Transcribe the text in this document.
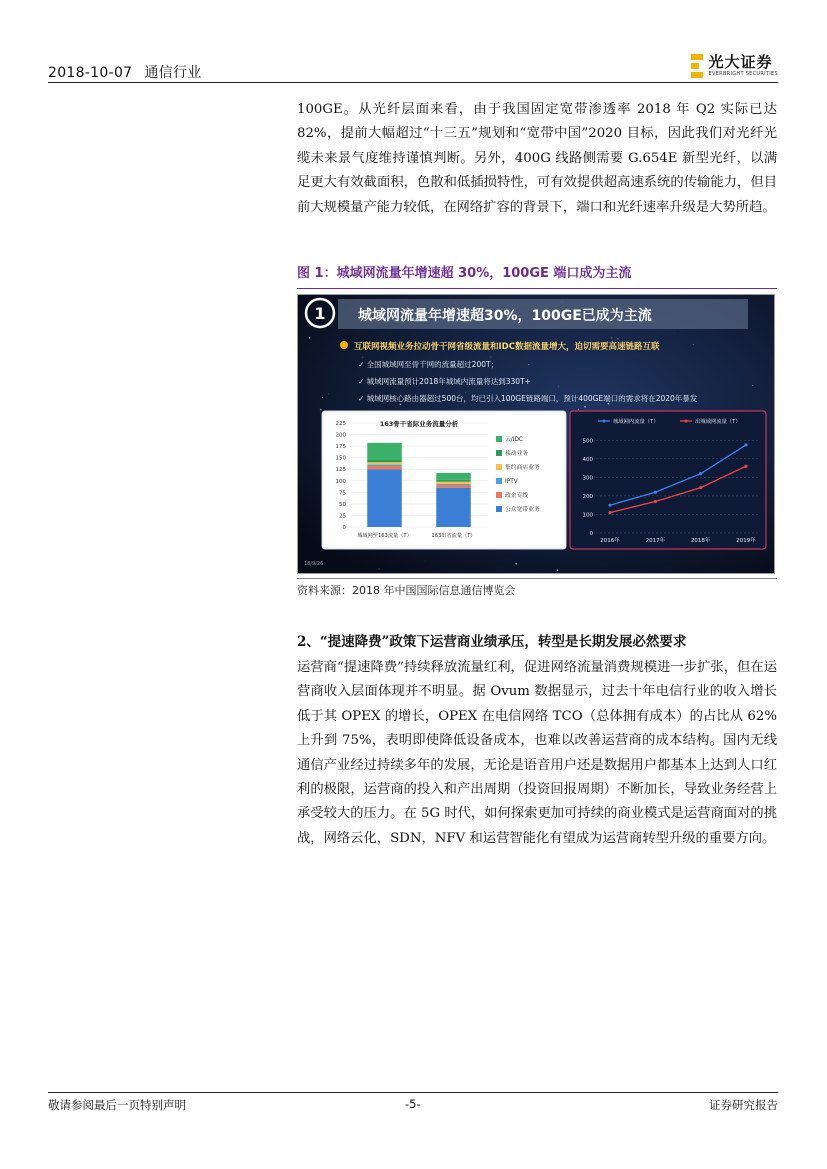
2018-10-07 通信行业
光大证券
EVERBRIGHT SECURITIES
100GE。从光纤层面来看，由于我国固定宽带渗透率 2018 年 Q2 实际已达 82%，提前大幅超过“十三五”规划和“宽带中国”2020 目标，因此我们对光纤光缆未来景气度维持谨慎判断。另外，400G 线路侧需要 G.654E 新型光纤，以满足更大有效截面积，色散和低插损特性，可有效提供超高速系统的传输能力，但目前大规模量产能力较低，在网络扩容的背景下，端口和光纤速率升级是大势所趋。
图 1：城域网流量年增速超 30%，100GE 端口成为主流
1 城域网流量年增速超30%，100GE已成为主流
互联网视频业务拉动骨干网省级流量和IDC数据流量增大，迫切需要高速链路互联
✓ 全国城域网至骨干网的流量超过200T；
✓ 城域网流量预计2018年城域内流量将达到330T+
✓ 城域网核心路由器超过500台，均已引入100GE链路端口，预计400GE端口的需求将在2020年暴发
0
25
50
75
100
125
150
175
200
225	163骨干省际业务流量分析
城域网至163流量（T）	163出省流量（T）
云/IDC
移动业务
集约商店业务
IPTV
政企专线
公众宽带业务
0
100
200
300
400
500
2016年	2017年	2018年	2019年
城域网内流量（T）	出城域网流量（T）
18/9/26
资料来源：2018 年中国国际信息通信博览会
2、“提速降费”政策下运营商业绩承压，转型是长期发展必然要求
运营商“提速降费”持续释放流量红利，促进网络流量消费规模进一步扩张，但在运营商收入层面体现并不明显。据 Ovum 数据显示，过去十年电信行业的收入增长低于其 OPEX 的增长，OPEX 在电信网络 TCO（总体拥有成本）的占比从 62%上升到 75%，表明即使降低设备成本，也难以改善运营商的成本结构。国内无线通信产业经过持续多年的发展，无论是语音用户还是数据用户都基本上达到人口红利的极限，运营商的投入和产出周期（投资回报周期）不断加长，导致业务经营上承受较大的压力。在 5G 时代，如何探索更加可持续的商业模式是运营商面对的挑战，网络云化，SDN，NFV 和运营智能化有望成为运营商转型升级的重要方向。
敬请参阅最后一页特别声明	-5-	证券研究报告
